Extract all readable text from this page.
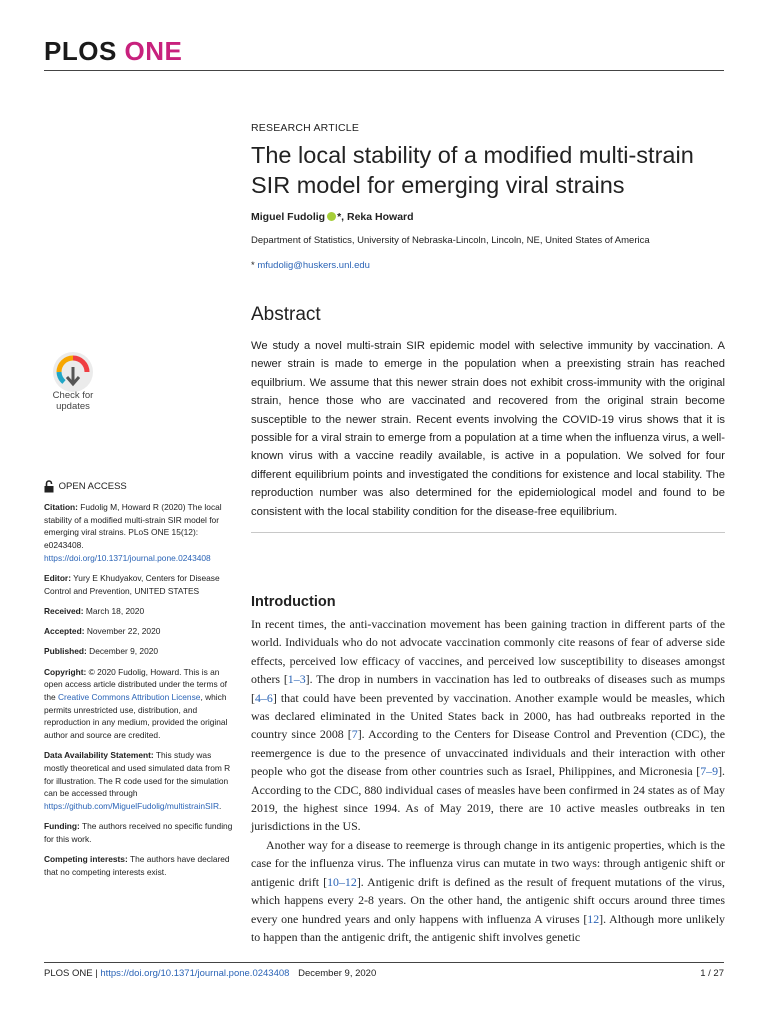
PLOS ONE
RESEARCH ARTICLE
The local stability of a modified multi-strain SIR model for emerging viral strains
Miguel Fudolig *, Reka Howard
Department of Statistics, University of Nebraska-Lincoln, Lincoln, NE, United States of America
* mfudolig@huskers.unl.edu
Abstract

We study a novel multi-strain SIR epidemic model with selective immunity by vaccination. A newer strain is made to emerge in the population when a preexisting strain has reached equilbrium. We assume that this newer strain does not exhibit cross-immunity with the original strain, hence those who are vaccinated and recovered from the original strain become susceptible to the newer strain. Recent events involving the COVID-19 virus shows that it is possible for a viral strain to emerge from a population at a time when the influenza virus, a well-known virus with a vaccine readily available, is active in a population. We solved for four different equilibrium points and investigated the conditions for existence and local stability. The reproduction number was also determined for the epidemiological model and found to be consistent with the local stability condition for the disease-free equilibrium.

Check for
updates
OPEN ACCESS

Citation: Fudolig M, Howard R (2020) The local stability of a modified multi-strain SIR model for emerging viral strains. PLoS ONE 15(12): e0243408. https://doi.org/10.1371/journal.pone.0243408

Editor: Yury E Khudyakov, Centers for Disease Control and Prevention, UNITED STATES

Received: March 18, 2020

Accepted: November 22, 2020

Published: December 9, 2020

Copyright: © 2020 Fudolig, Howard. This is an open access article distributed under the terms of the Creative Commons Attribution License, which permits unrestricted use, distribution, and reproduction in any medium, provided the original author and source are credited.

Data Availability Statement: This study was mostly theoretical and used simulated data from R for illustration. The R code used for the simulation can be accessed through https://github.com/MiguelFudolig/multistrainSIR.

Funding: The authors received no specific funding for this work.

Competing interests: The authors have declared that no competing interests exist.

Introduction

In recent times, the anti-vaccination movement has been gaining traction in different parts of the world. Individuals who do not advocate vaccination commonly cite reasons of fear of adverse side effects, perceived low efficacy of vaccines, and perceived low susceptibility to diseases amongst others [1–3]. The drop in numbers in vaccination has led to outbreaks of diseases such as mumps [4–6] that could have been prevented by vaccination. Another example would be measles, which was declared eliminated in the United States back in 2000, has had outbreaks reported in the country since 2008 [7]. According to the Centers for Disease Control and Prevention (CDC), the reemergence is due to the presence of unvaccinated individuals and their interaction with other people who got the disease from other countries such as Israel, Philippines, and Micronesia [7–9]. According to the CDC, 880 individual cases of measles have been confirmed in 24 states as of May 2019, the highest since 1994. As of May 2019, there are 10 active measles outbreaks in ten jurisdictions in the US.

Another way for a disease to reemerge is through change in its antigenic properties, which is the case for the influenza virus. The influenza virus can mutate in two ways: through antigenic shift or antigenic drift [10–12]. Antigenic drift is defined as the result of frequent mutations of the virus, which happens every 2-8 years. On the other hand, the antigenic shift occurs around three times every one hundred years and only happens with influenza A viruses [12]. Although more unlikely to happen than the antigenic drift, the antigenic shift involves genetic

PLOS ONE | https://doi.org/10.1371/journal.pone.0243408 December 9, 2020	1 / 27
